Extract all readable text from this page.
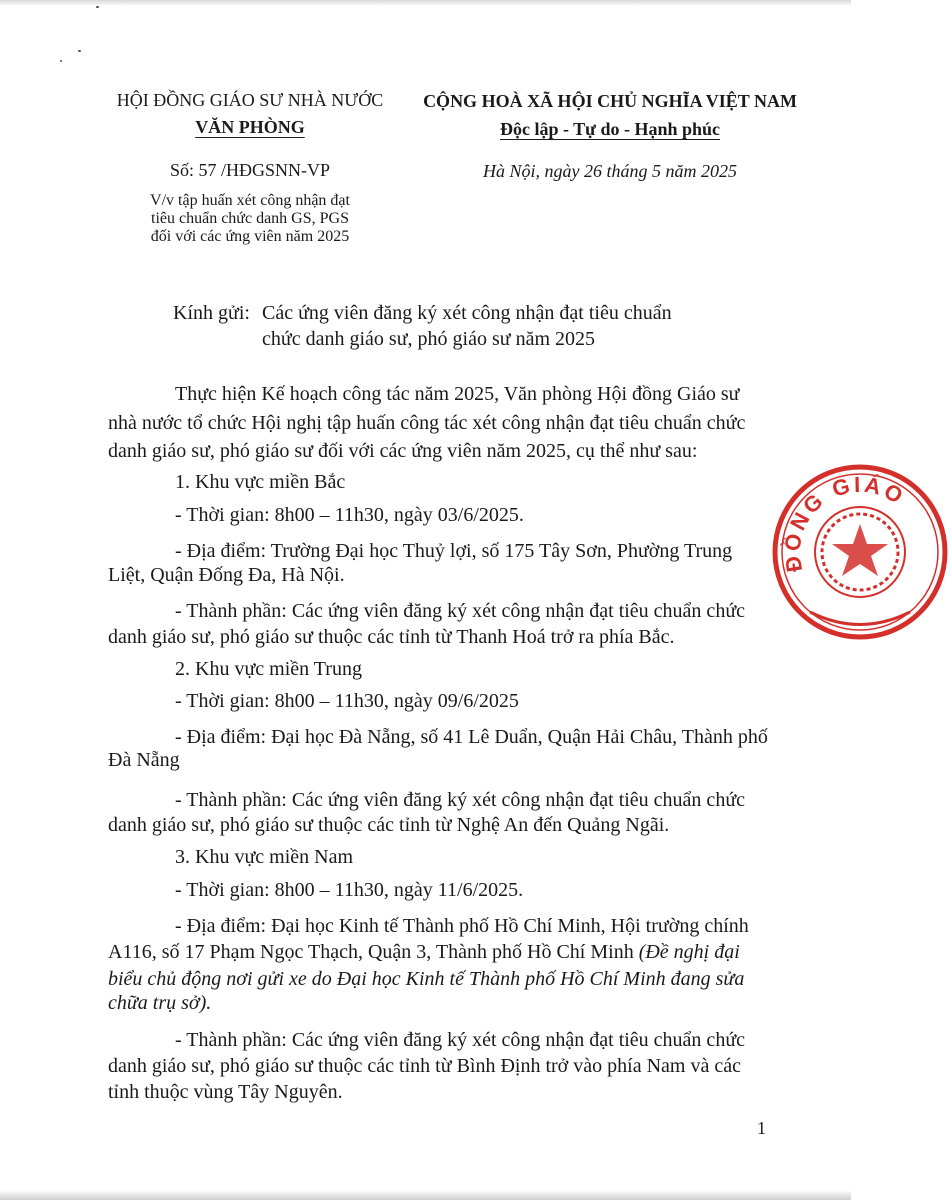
HỘI ĐỒNG GIÁO SƯ NHÀ NƯỚC
VĂN PHÒNG
Số: 57 /HĐGSNN-VP
V/v tập huấn xét công nhận đạt
tiêu chuẩn chức danh GS, PGS
đối với các ứng viên năm 2025
CỘNG HOÀ XÃ HỘI CHỦ NGHĨA VIỆT NAM
Độc lập - Tự do - Hạnh phúc
Hà Nội, ngày 26 tháng 5 năm 2025
Kính gửi: Các ứng viên đăng ký xét công nhận đạt tiêu chuẩn
chức danh giáo sư, phó giáo sư năm 2025
Thực hiện Kế hoạch công tác năm 2025, Văn phòng Hội đồng Giáo sư
nhà nước tổ chức Hội nghị tập huấn công tác xét công nhận đạt tiêu chuẩn chức
danh giáo sư, phó giáo sư đối với các ứng viên năm 2025, cụ thể như sau:
1. Khu vực miền Bắc
- Thời gian: 8h00 – 11h30, ngày 03/6/2025.
- Địa điểm: Trường Đại học Thuỷ lợi, số 175 Tây Sơn, Phường Trung
Liệt, Quận Đống Đa, Hà Nội.
- Thành phần: Các ứng viên đăng ký xét công nhận đạt tiêu chuẩn chức
danh giáo sư, phó giáo sư thuộc các tỉnh từ Thanh Hoá trở ra phía Bắc.
2. Khu vực miền Trung
- Thời gian: 8h00 – 11h30, ngày 09/6/2025
- Địa điểm: Đại học Đà Nẵng, số 41 Lê Duẩn, Quận Hải Châu, Thành phố
Đà Nẵng
- Thành phần: Các ứng viên đăng ký xét công nhận đạt tiêu chuẩn chức
danh giáo sư, phó giáo sư thuộc các tỉnh từ Nghệ An đến Quảng Ngãi.
3. Khu vực miền Nam
- Thời gian: 8h00 – 11h30, ngày 11/6/2025.
- Địa điểm: Đại học Kinh tế Thành phố Hồ Chí Minh, Hội trường chính
A116, số 17 Phạm Ngọc Thạch, Quận 3, Thành phố Hồ Chí Minh (Đề nghị đại
biểu chủ động nơi gửi xe do Đại học Kinh tế Thành phố Hồ Chí Minh đang sửa
chữa trụ sở).
- Thành phần: Các ứng viên đăng ký xét công nhận đạt tiêu chuẩn chức
danh giáo sư, phó giáo sư thuộc các tỉnh từ Bình Định trở vào phía Nam và các
tỉnh thuộc vùng Tây Nguyên.
1
ĐỒNG GIÁO
